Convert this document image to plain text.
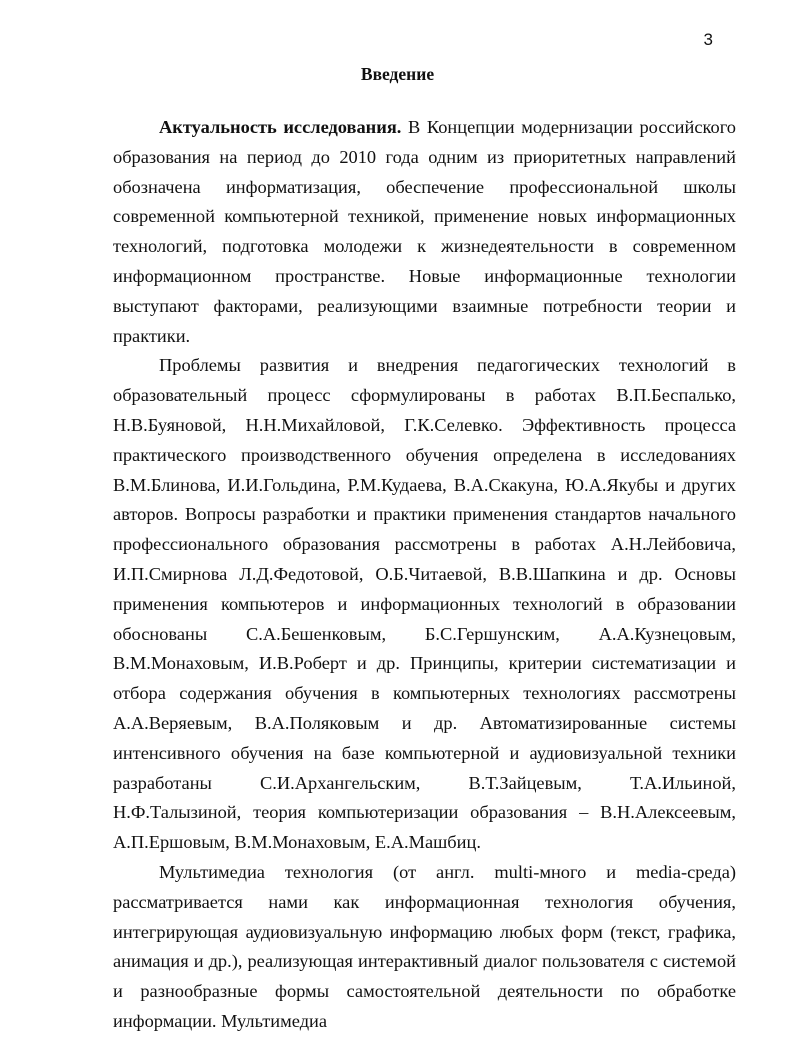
3
Введение

Актуальность исследования. В Концепции модернизации российского образования на период до 2010 года одним из приоритетных направлений обозначена информатизация, обеспечение профессиональной школы современной компьютерной техникой, применение новых информационных технологий, подготовка молодежи к жизнедеятельности в современном информационном пространстве. Новые информационные технологии выступают факторами, реализующими взаимные потребности теории и практики.

Проблемы развития и внедрения педагогических технологий в образовательный процесс сформулированы в работах В.П.Беспалько, Н.В.Буяновой, Н.Н.Михайловой, Г.К.Селевко. Эффективность процесса практического производственного обучения определена в исследованиях В.М.Блинова, И.И.Гольдина, Р.М.Кудаева, В.А.Скакуна, Ю.А.Якубы и других авторов. Вопросы разработки и практики применения стандартов начального профессионального образования рассмотрены в работах А.Н.Лейбовича, И.П.Смирнова Л.Д.Федотовой, О.Б.Читаевой, В.В.Шапкина и др. Основы применения компьютеров и информационных технологий в образовании обоснованы С.А.Бешенковым, Б.С.Гершунским, А.А.Кузнецовым, В.М.Монаховым, И.В.Роберт и др. Принципы, критерии систематизации и отбора содержания обучения в компьютерных технологиях рассмотрены А.А.Веряевым, В.А.Поляковым и др. Автоматизированные системы интенсивного обучения на базе компьютерной и аудиовизуальной техники разработаны С.И.Архангельским, В.Т.Зайцевым, Т.А.Ильиной, Н.Ф.Талызиной, теория компьютеризации образования – В.Н.Алексеевым, А.П.Ершовым, В.М.Монаховым, Е.А.Машбиц.

Мультимедиа технология (от англ. multi-много и media-среда) рассматривается нами как информационная технология обучения, интегрирующая аудиовизуальную информацию любых форм (текст, графика, анимация и др.), реализующая интерактивный диалог пользователя с системой и разнообразные формы самостоятельной деятельности по обработке информации. Мультимедиа
